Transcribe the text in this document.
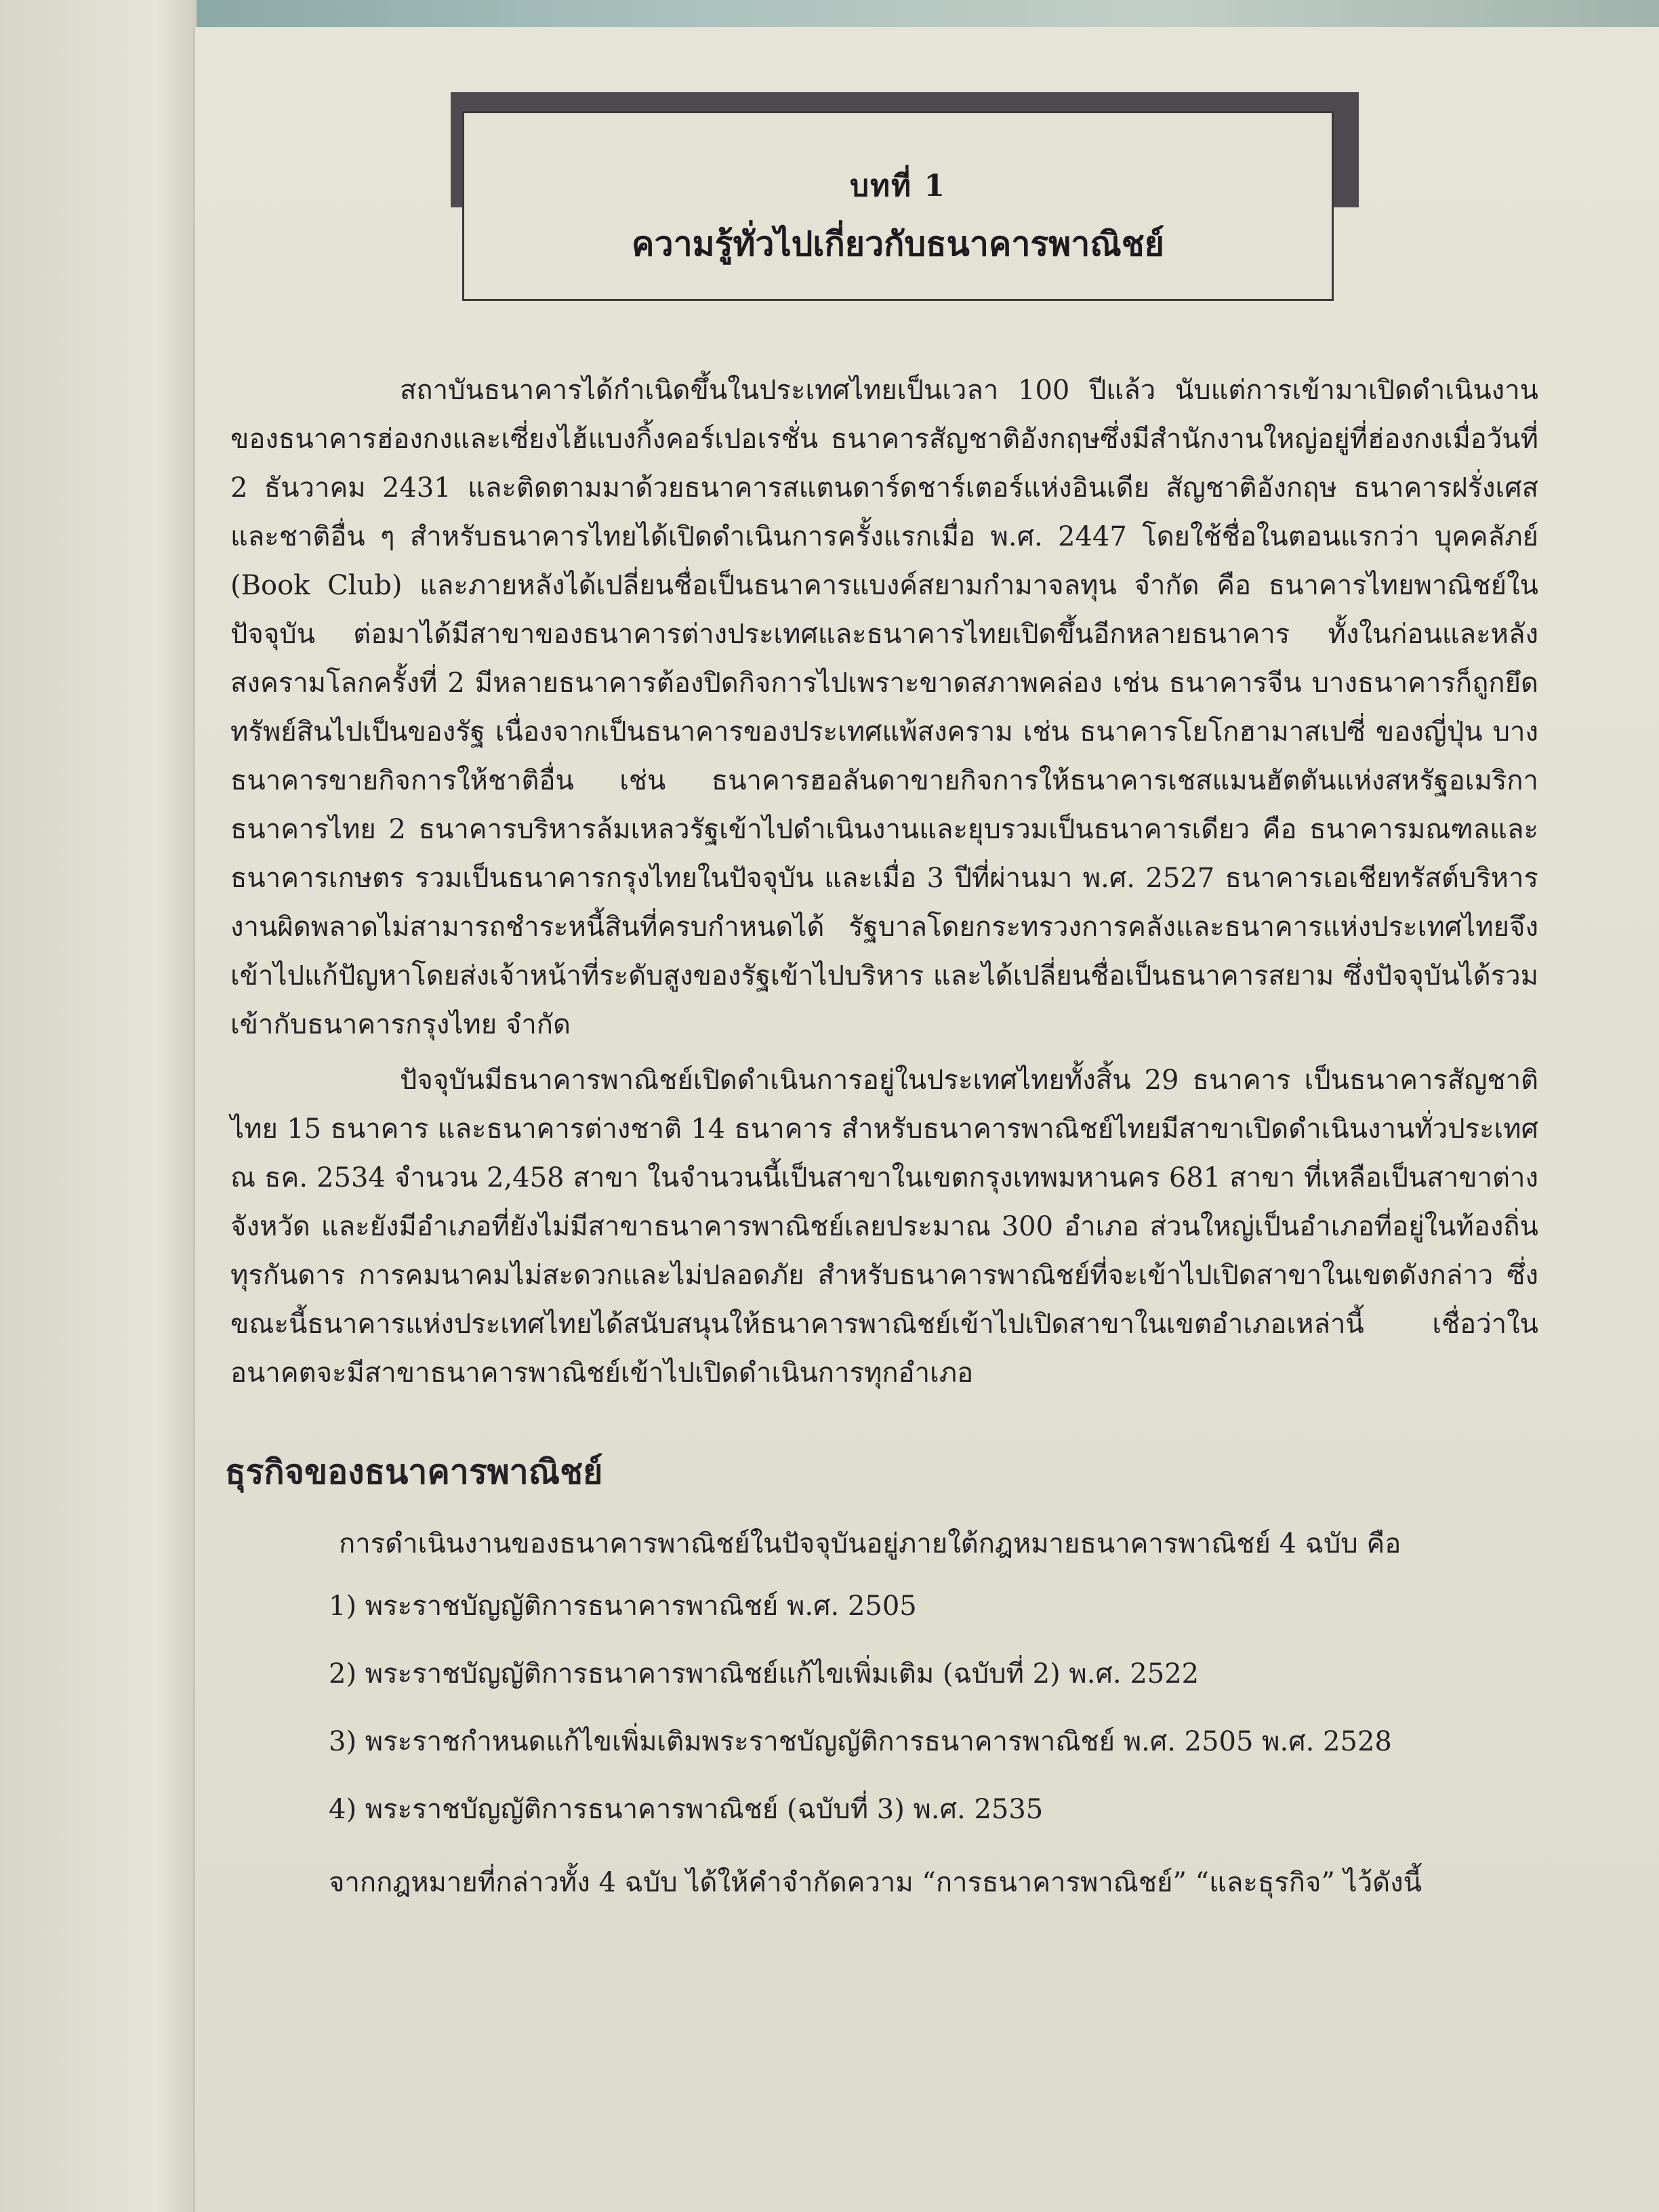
บทที่ 1
ความรู้ทั่วไปเกี่ยวกับธนาคารพาณิชย์

สถาบันธนาคารได้กำเนิดขึ้นในประเทศไทยเป็นเวลา 100 ปีแล้ว นับแต่การเข้ามาเปิดดำเนินงานของธนาคารฮ่องกงและเซี่ยงไฮ้แบงกิ้งคอร์เปอเรชั่น ธนาคารสัญชาติอังกฤษซึ่งมีสำนักงานใหญ่อยู่ที่ฮ่องกงเมื่อวันที่ 2 ธันวาคม 2431 และติดตามมาด้วยธนาคารสแตนดาร์ดชาร์เตอร์แห่งอินเดีย สัญชาติอังกฤษ ธนาคารฝรั่งเศสและชาติอื่น ๆ สำหรับธนาคารไทยได้เปิดดำเนินการครั้งแรกเมื่อ พ.ศ. 2447 โดยใช้ชื่อในตอนแรกว่า บุคคลัภย์ (Book Club) และภายหลังได้เปลี่ยนชื่อเป็นธนาคารแบงค์สยามกำมาจลทุน จำกัด คือ ธนาคารไทยพาณิชย์ในปัจจุบัน ต่อมาได้มีสาขาของธนาคารต่างประเทศและธนาคารไทยเปิดขึ้นอีกหลายธนาคาร ทั้งในก่อนและหลังสงครามโลกครั้งที่ 2 มีหลายธนาคารต้องปิดกิจการไปเพราะขาดสภาพคล่อง เช่น ธนาคารจีน บางธนาคารก็ถูกยึดทรัพย์สินไปเป็นของรัฐ เนื่องจากเป็นธนาคารของประเทศแพ้สงคราม เช่น ธนาคารโยโกฮามาสเปซี่ ของญี่ปุ่น บางธนาคารขายกิจการให้ชาติอื่น เช่น ธนาคารฮอลันดาขายกิจการให้ธนาคารเชสแมนฮัตตันแห่งสหรัฐอเมริกา ธนาคารไทย 2 ธนาคารบริหารล้มเหลวรัฐเข้าไปดำเนินงานและยุบรวมเป็นธนาคารเดียว คือ ธนาคารมณฑลและธนาคารเกษตร รวมเป็นธนาคารกรุงไทยในปัจจุบัน และเมื่อ 3 ปีที่ผ่านมา พ.ศ. 2527 ธนาคารเอเชียทรัสต์บริหารงานผิดพลาดไม่สามารถชำระหนี้สินที่ครบกำหนดได้ รัฐบาลโดยกระทรวงการคลังและธนาคารแห่งประเทศไทยจึงเข้าไปแก้ปัญหาโดยส่งเจ้าหน้าที่ระดับสูงของรัฐเข้าไปบริหาร และได้เปลี่ยนชื่อเป็นธนาคารสยาม ซึ่งปัจจุบันได้รวมเข้ากับธนาคารกรุงไทย จำกัด

ปัจจุบันมีธนาคารพาณิชย์เปิดดำเนินการอยู่ในประเทศไทยทั้งสิ้น 29 ธนาคาร เป็นธนาคารสัญชาติไทย 15 ธนาคาร และธนาคารต่างชาติ 14 ธนาคาร สำหรับธนาคารพาณิชย์ไทยมีสาขาเปิดดำเนินงานทั่วประเทศ ณ ธค. 2534 จำนวน 2,458 สาขา ในจำนวนนี้เป็นสาขาในเขตกรุงเทพมหานคร 681 สาขา ที่เหลือเป็นสาขาต่างจังหวัด และยังมีอำเภอที่ยังไม่มีสาขาธนาคารพาณิชย์เลยประมาณ 300 อำเภอ ส่วนใหญ่เป็นอำเภอที่อยู่ในท้องถิ่นทุรกันดาร การคมนาคมไม่สะดวกและไม่ปลอดภัย สำหรับธนาคารพาณิชย์ที่จะเข้าไปเปิดสาขาในเขตดังกล่าว ซึ่งขณะนี้ธนาคารแห่งประเทศไทยได้สนับสนุนให้ธนาคารพาณิชย์เข้าไปเปิดสาขาในเขตอำเภอเหล่านี้ เชื่อว่าในอนาคตจะมีสาขาธนาคารพาณิชย์เข้าไปเปิดดำเนินการทุกอำเภอ

ธุรกิจของธนาคารพาณิชย์

การดำเนินงานของธนาคารพาณิชย์ในปัจจุบันอยู่ภายใต้กฎหมายธนาคารพาณิชย์ 4 ฉบับ คือ

1) พระราชบัญญัติการธนาคารพาณิชย์ พ.ศ. 2505
2) พระราชบัญญัติการธนาคารพาณิชย์แก้ไขเพิ่มเติม (ฉบับที่ 2) พ.ศ. 2522
3) พระราชกำหนดแก้ไขเพิ่มเติมพระราชบัญญัติการธนาคารพาณิชย์ พ.ศ. 2505 พ.ศ. 2528
4) พระราชบัญญัติการธนาคารพาณิชย์ (ฉบับที่ 3) พ.ศ. 2535

จากกฎหมายที่กล่าวทั้ง 4 ฉบับ ได้ให้คำจำกัดความ “การธนาคารพาณิชย์” “และธุรกิจ” ไว้ดังนี้
